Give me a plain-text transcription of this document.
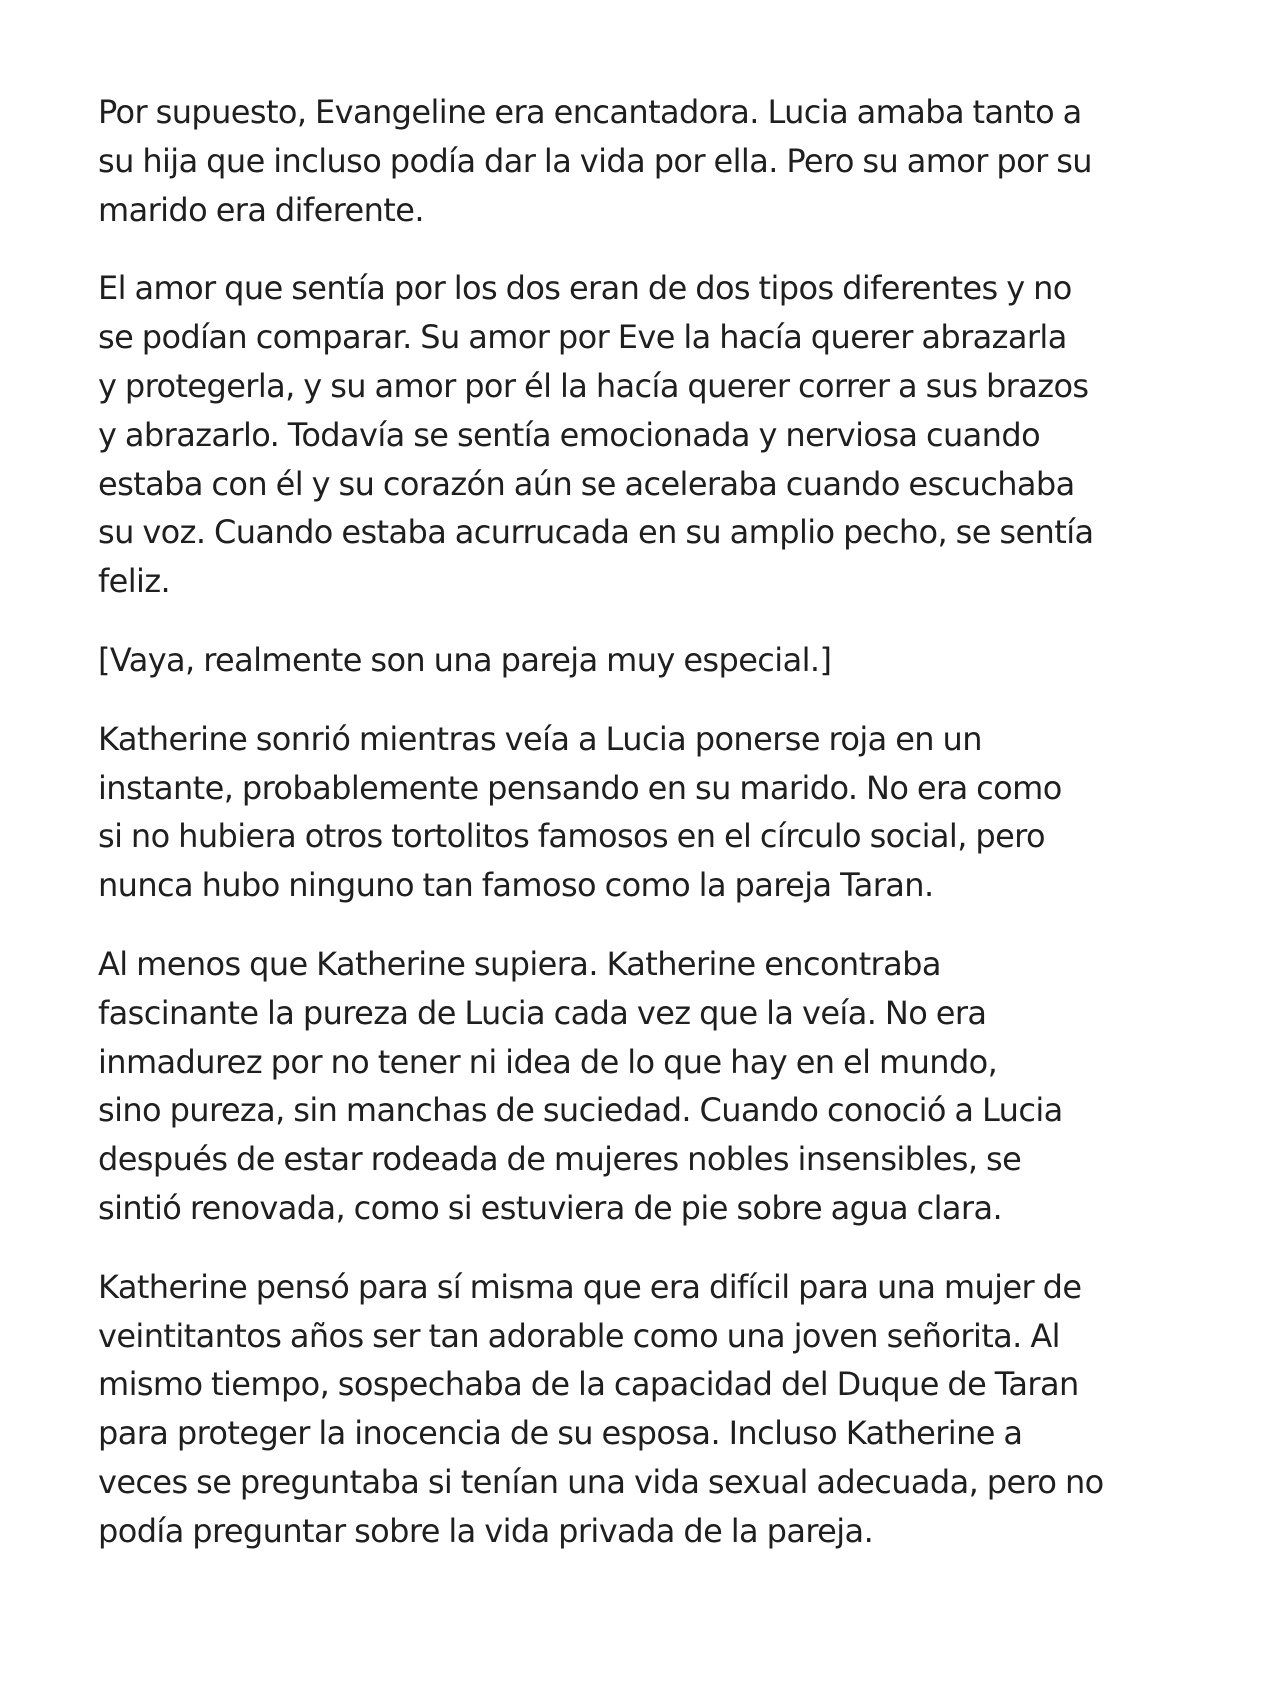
Por supuesto, Evangeline era encantadora. Lucia amaba tanto a
su hija que incluso podía dar la vida por ella. Pero su amor por su
marido era diferente.
El amor que sentía por los dos eran de dos tipos diferentes y no
se podían comparar. Su amor por Eve la hacía querer abrazarla
y protegerla, y su amor por él la hacía querer correr a sus brazos
y abrazarlo. Todavía se sentía emocionada y nerviosa cuando
estaba con él y su corazón aún se aceleraba cuando escuchaba
su voz. Cuando estaba acurrucada en su amplio pecho, se sentía
feliz.
[Vaya, realmente son una pareja muy especial.]
Katherine sonrió mientras veía a Lucia ponerse roja en un
instante, probablemente pensando en su marido. No era como
si no hubiera otros tortolitos famosos en el círculo social, pero
nunca hubo ninguno tan famoso como la pareja Taran.
Al menos que Katherine supiera. Katherine encontraba
fascinante la pureza de Lucia cada vez que la veía. No era
inmadurez por no tener ni idea de lo que hay en el mundo,
sino pureza, sin manchas de suciedad. Cuando conoció a Lucia
después de estar rodeada de mujeres nobles insensibles, se
sintió renovada, como si estuviera de pie sobre agua clara.
Katherine pensó para sí misma que era difícil para una mujer de
veintitantos años ser tan adorable como una joven señorita. Al
mismo tiempo, sospechaba de la capacidad del Duque de Taran
para proteger la inocencia de su esposa. Incluso Katherine a
veces se preguntaba si tenían una vida sexual adecuada, pero no
podía preguntar sobre la vida privada de la pareja.
